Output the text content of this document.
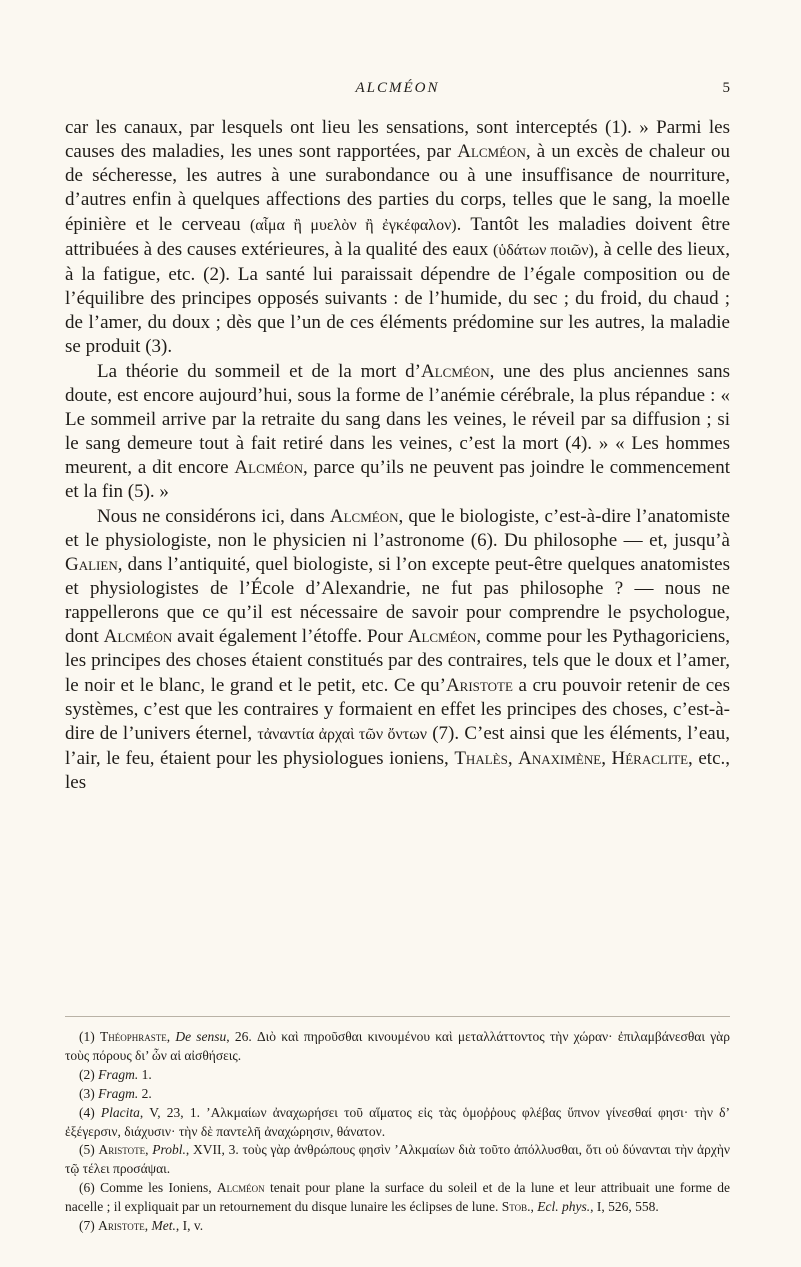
ALCMÉON	5

car les canaux, par lesquels ont lieu les sensations, sont interceptés (1). » Parmi les causes des maladies, les unes sont rapportées, par Alcméon, à un excès de chaleur ou de sécheresse, les autres à une surabondance ou à une insuffisance de nourriture, d’autres enfin à quelques affections des parties du corps, telles que le sang, la moelle épinière et le cerveau (αἷμα ἢ μυελὸν ἢ ἐγκέφαλον). Tantôt les maladies doivent être attribuées à des causes extérieures, à la qualité des eaux (ὑδάτων ποιῶν), à celle des lieux, à la fatigue, etc. (2). La santé lui paraissait dépendre de l’égale composition ou de l’équilibre des principes opposés suivants : de l’humide, du sec ; du froid, du chaud ; de l’amer, du doux ; dès que l’un de ces éléments prédomine sur les autres, la maladie se produit (3).

La théorie du sommeil et de la mort d’Alcméon, une des plus anciennes sans doute, est encore aujourd’hui, sous la forme de l’anémie cérébrale, la plus répandue : « Le sommeil arrive par la retraite du sang dans les veines, le réveil par sa diffusion ; si le sang demeure tout à fait retiré dans les veines, c’est la mort (4). » « Les hommes meurent, a dit encore Alcméon, parce qu’ils ne peuvent pas joindre le commencement et la fin (5). »

Nous ne considérons ici, dans Alcméon, que le biologiste, c’est-à-dire l’anatomiste et le physiologiste, non le physicien ni l’astronome (6). Du philosophe — et, jusqu’à Galien, dans l’antiquité, quel biologiste, si l’on excepte peut-être quelques anatomistes et physiologistes de l’École d’Alexandrie, ne fut pas philosophe ? — nous ne rappellerons que ce qu’il est nécessaire de savoir pour comprendre le psychologue, dont Alcméon avait également l’étoffe. Pour Alcméon, comme pour les Pythagoriciens, les principes des choses étaient constitués par des contraires, tels que le doux et l’amer, le noir et le blanc, le grand et le petit, etc. Ce qu’Aristote a cru pouvoir retenir de ces systèmes, c’est que les contraires y formaient en effet les principes des choses, c’est-à-dire de l’univers éternel, τἀναντία ἀρχαὶ τῶν ὄντων (7). C’est ainsi que les éléments, l’eau, l’air, le feu, étaient pour les physiologues ioniens, Thalès, Anaximène, Héraclite, etc., les

(1) Théophraste, De sensu, 26. Διὸ καὶ πηροῦσθαι κινουμένου καὶ μεταλλάττοντος τὴν χώραν· ἐπιλαμβάνεσθαι γὰρ τοὺς πόρους δι’ ὧν αἱ αἰσθήσεις.

(2) Fragm. 1.

(3) Fragm. 2.

(4) Placita, V, 23, 1. ’Αλκμαίων ἀναχωρήσει τοῦ αἵματος εἰς τὰς ὁμοῤῥους φλέβας ὕπνον γίνεσθαί φησι· τὴν δ’ ἐξέγερσιν, διάχυσιν· τὴν δὲ παντελῆ ἀναχώρησιν, θάνατον.

(5) Aristote, Probl., XVII, 3. τοὺς γὰρ ἀνθρώπους φησὶν ’Αλκμαίων διὰ τοῦτο ἀπόλλυσθαι, ὅτι οὐ δύνανται τὴν ἀρχὴν τῷ τέλει προσάψαι.

(6) Comme les Ioniens, Alcméon tenait pour plane la surface du soleil et de la lune et leur attribuait une forme de nacelle ; il expliquait par un retournement du disque lunaire les éclipses de lune. Stob., Ecl. phys., I, 526, 558.

(7) Aristote, Met., I, v.
